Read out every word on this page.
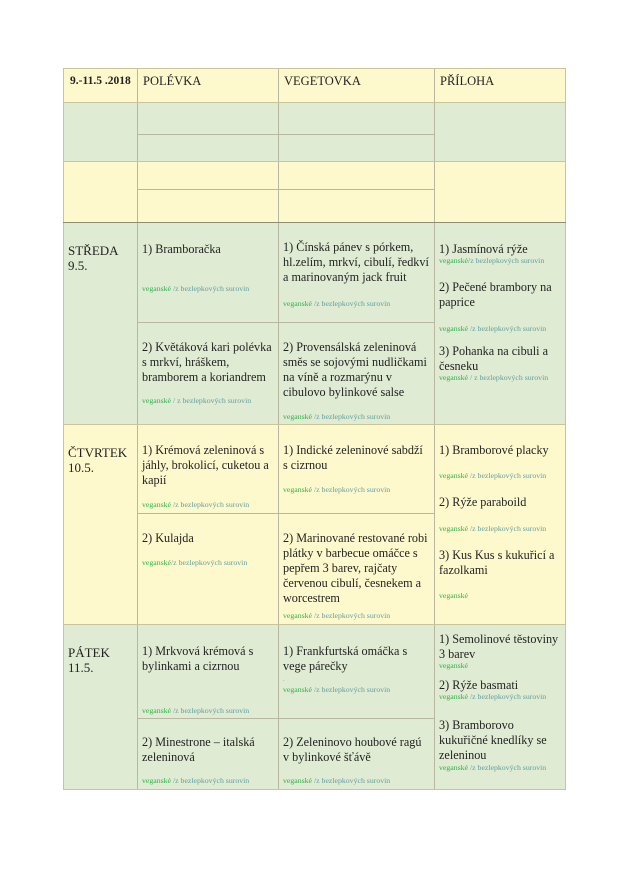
9.-11.5 .2018 POLÉVKA	VEGETOVKA	PŘÍLOHA
STŘEDA
9.5.
1) Bramboračka
veganské /z bezlepkových surovin
2) Květáková kari polévka s mrkví, hráškem, bramborem a koriandrem
veganské / z bezlepkových surovin
1) Čínská pánev s pórkem, hl.zelím, mrkví, cibulí, ředkví a marinovaným jack fruit
veganské /z bezlepkových surovin
2) Provensálská zeleninová směs se sojovými nudličkami na víně a rozmarýnu v cibulovo bylinkové salse
veganské /z bezlepkových surovin
1) Jasmínová rýže
veganské/z bezlepkových surovin
2) Pečené brambory na paprice
veganské /z bezlepkových surovin
3) Pohanka na cibuli a česneku
veganské / z bezlepkových surovin
ČTVRTEK
10.5.
1) Krémová zeleninová s jáhly, brokolicí, cuketou a kapií
veganské /z bezlepkových surovin
2) Kulajda
veganské/z bezlepkových surovin
1) Indické zeleninové sabdží s cizrnou
veganské /z bezlepkových surovin
2) Marinované restované robi plátky v barbecue omáčce s pepřem 3 barev, rajčaty červenou cibulí, česnekem a worcestrem
veganské /z bezlepkových surovin
1) Bramborové placky
veganské /z bezlepkových surovin
2) Rýže paraboild
veganské /z bezlepkových surovin
3) Kus Kus s kukuřicí a fazolkami
veganské
PÁTEK
11.5.
1) Mrkvová krémová s bylinkami a cizrnou
veganské /z bezlepkových surovin
2) Minestrone – italská zeleninová
veganské /z bezlepkových surovin
1) Frankfurtská omáčka s vege párečky
.
veganské /z bezlepkových surovin
2) Zeleninovo houbové ragú v bylinkové šťávě
veganské /z bezlepkových surovin
1) Semolinové těstoviny 3 barev
veganské
2) Rýže basmati
veganské /z bezlepkových surovin
3) Bramborovo kukuřičné knedlíky se zeleninou
veganské /z bezlepkových surovin
